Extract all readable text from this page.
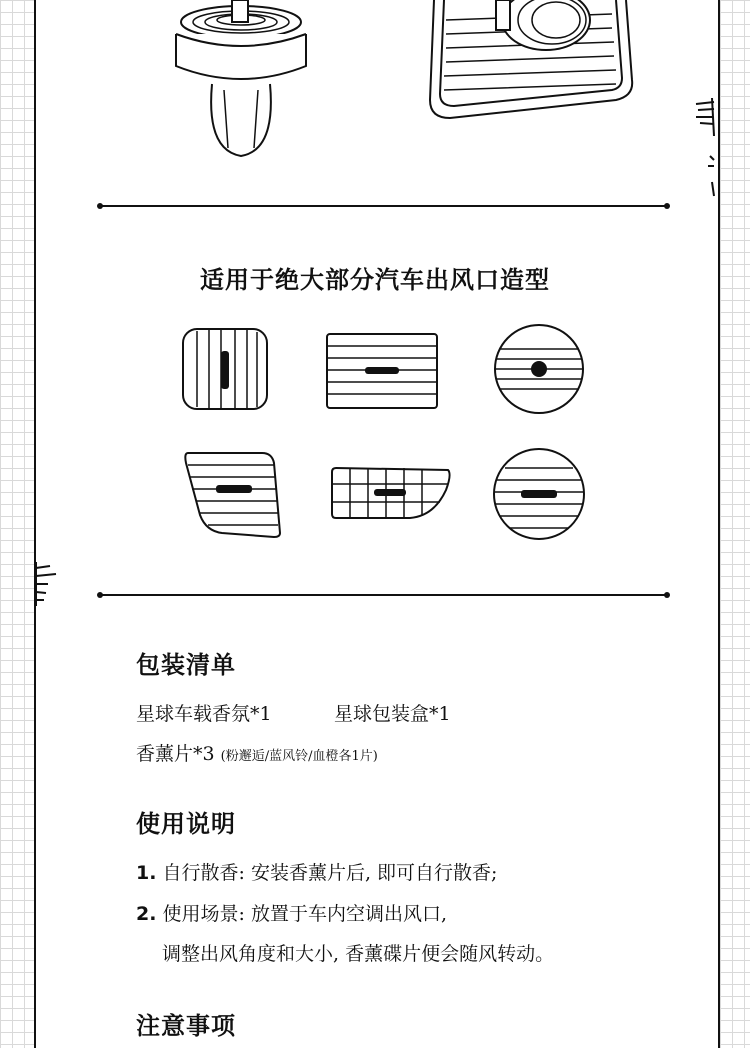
适用于绝大部分汽车出风口造型
包装清单
星球车载香氛*1	星球包装盒*1
香薰片*3 (粉邂逅/蓝风铃/血橙各1片)
使用说明
1. 自行散香: 安装香薰片后, 即可自行散香;
2. 使用场景: 放置于车内空调出风口,
调整出风角度和大小, 香薰碟片便会随风转动。
注意事项
